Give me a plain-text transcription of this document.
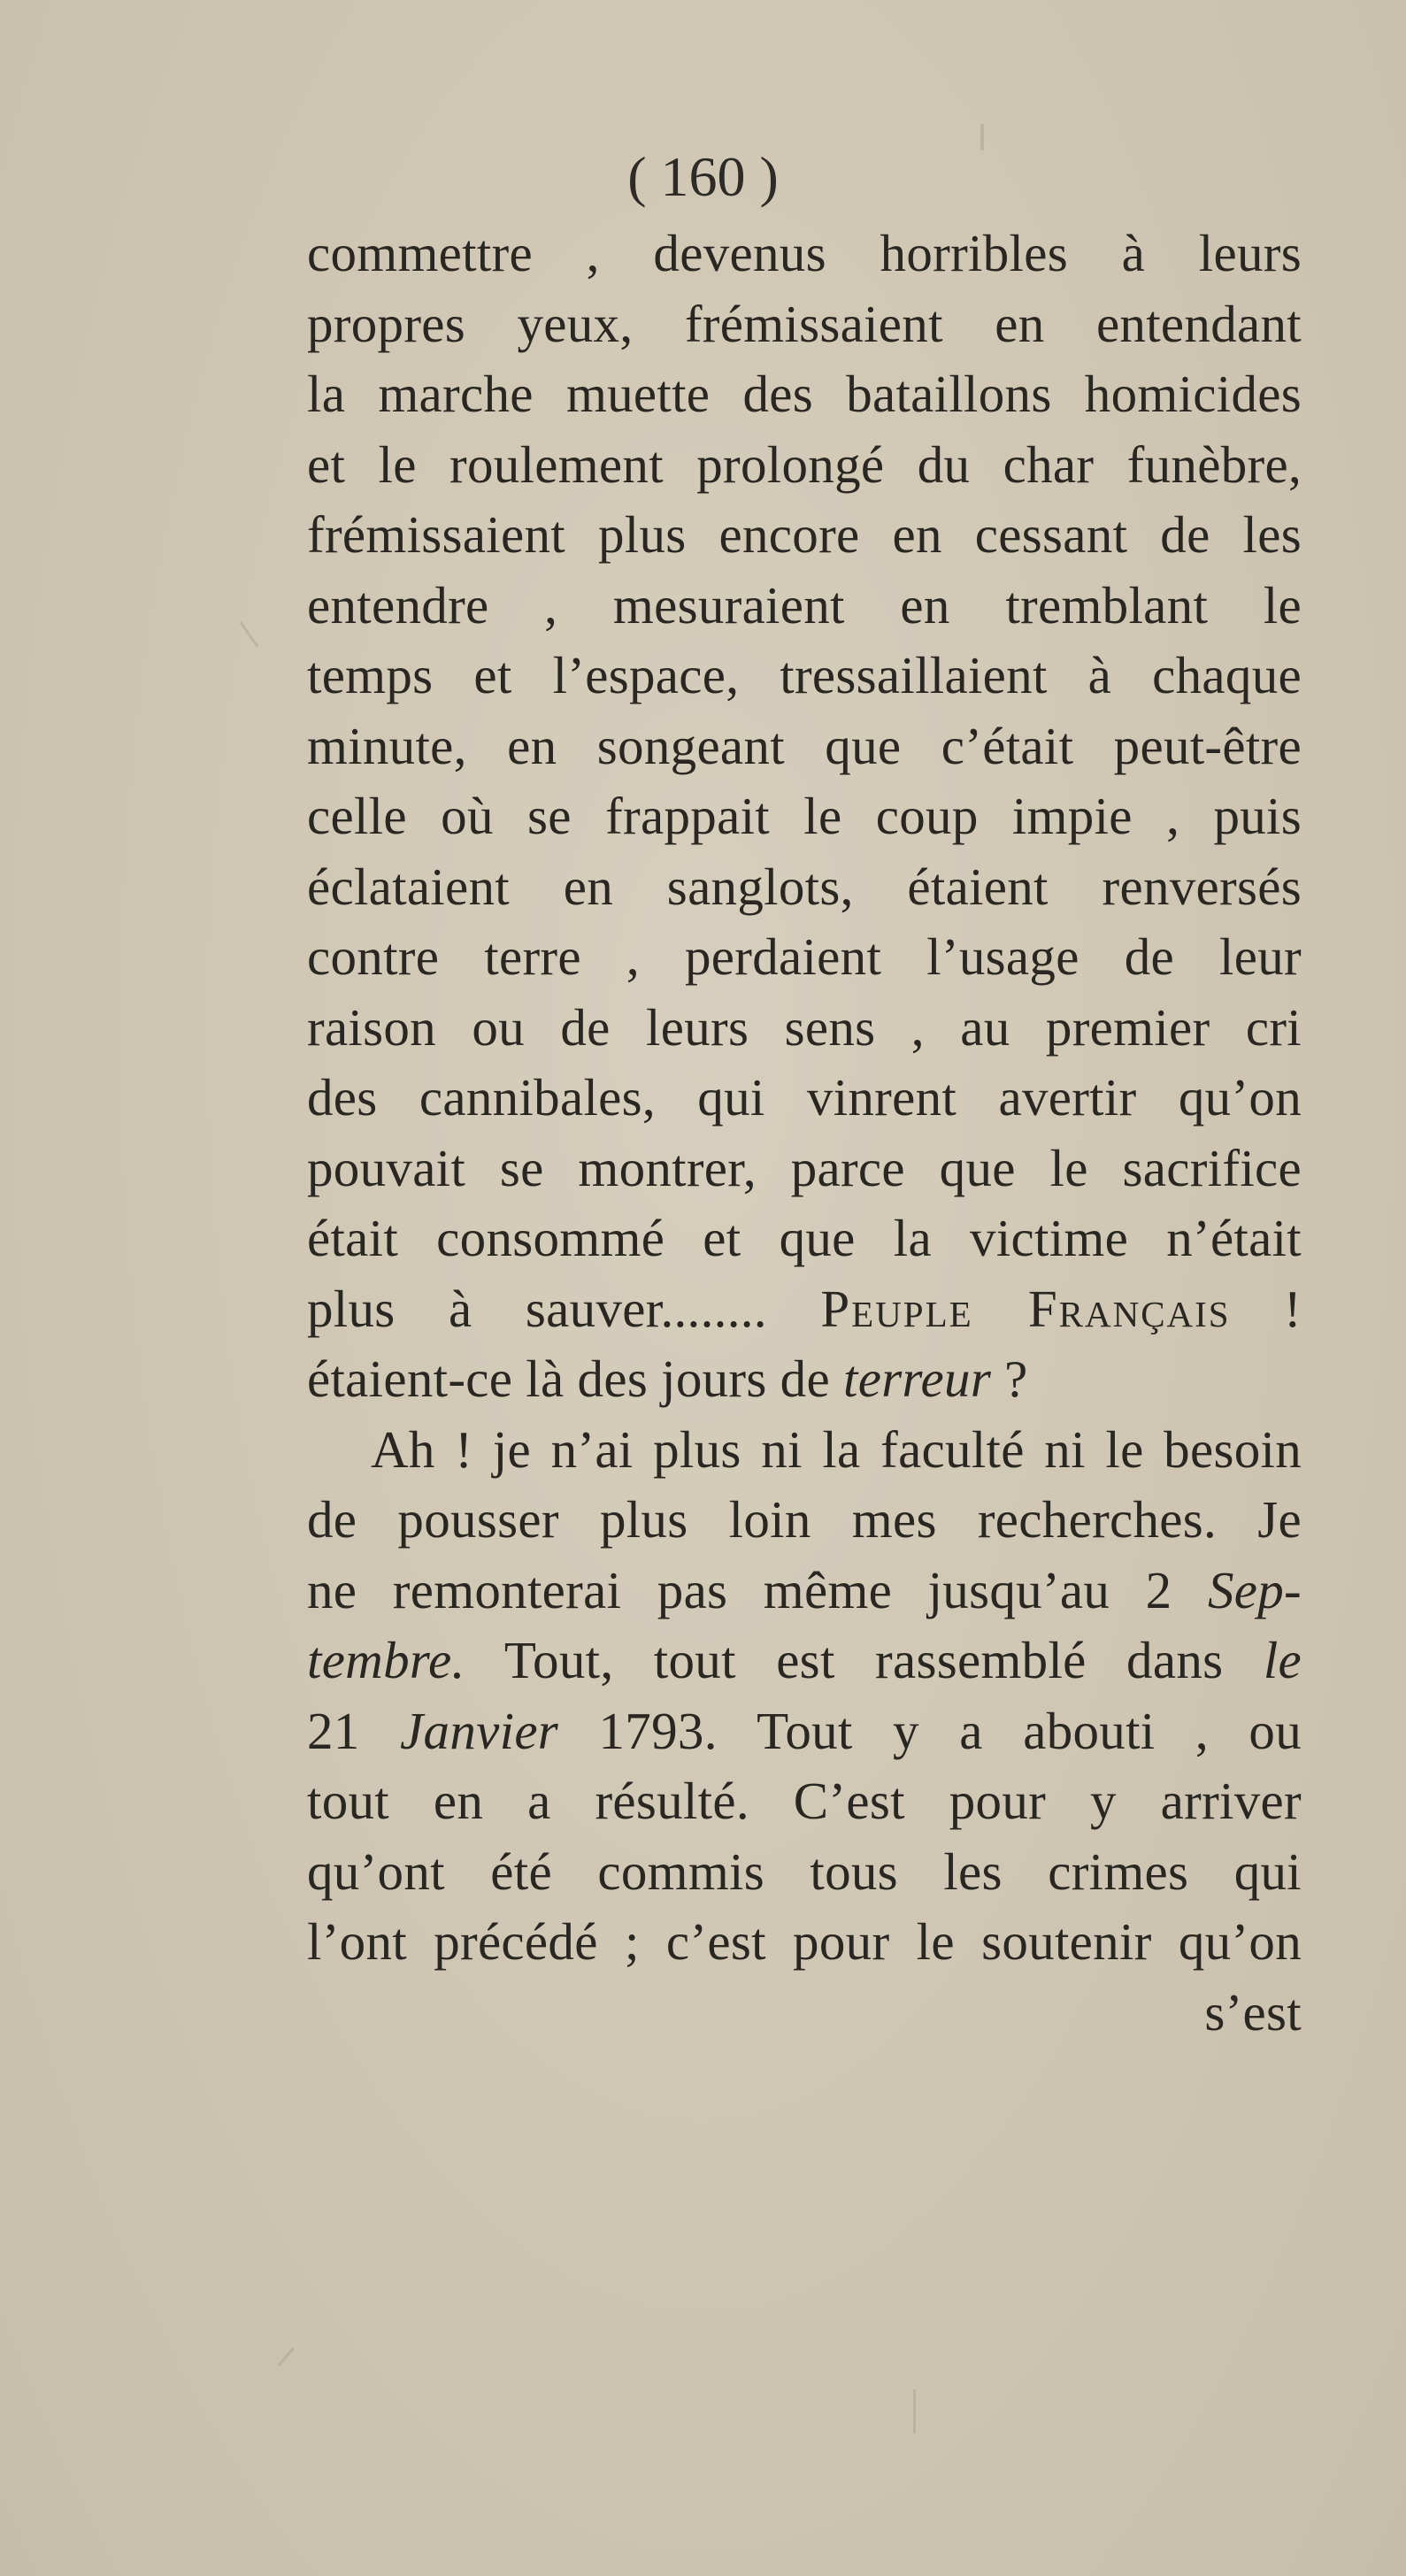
( 160 )
commettre , devenus horribles à leurs
propres yeux, frémissaient en entendant
la marche muette des bataillons homicides
et le roulement prolongé du char funèbre,
frémissaient plus encore en cessant de les
entendre , mesuraient en tremblant le
temps et l’espace, tressaillaient à chaque
minute, en songeant que c’était peut-être
celle où se frappait le coup impie , puis
éclataient en sanglots, étaient renversés
contre terre , perdaient l’usage de leur
raison ou de leurs sens , au premier cri
des cannibales, qui vinrent avertir qu’on
pouvait se montrer, parce que le sacrifice
était consommé et que la victime n’était
plus à sauver........ Peuple Français !
étaient-ce là des jours de terreur ?
Ah ! je n’ai plus ni la faculté ni le besoin
de pousser plus loin mes recherches. Je
ne remonterai pas même jusqu’au 2 Sep-
tembre. Tout, tout est rassemblé dans le
21 Janvier 1793. Tout y a abouti , ou
tout en a résulté. C’est pour y arriver
qu’ont été commis tous les crimes qui
l’ont précédé ; c’est pour le soutenir qu’on
s’est
